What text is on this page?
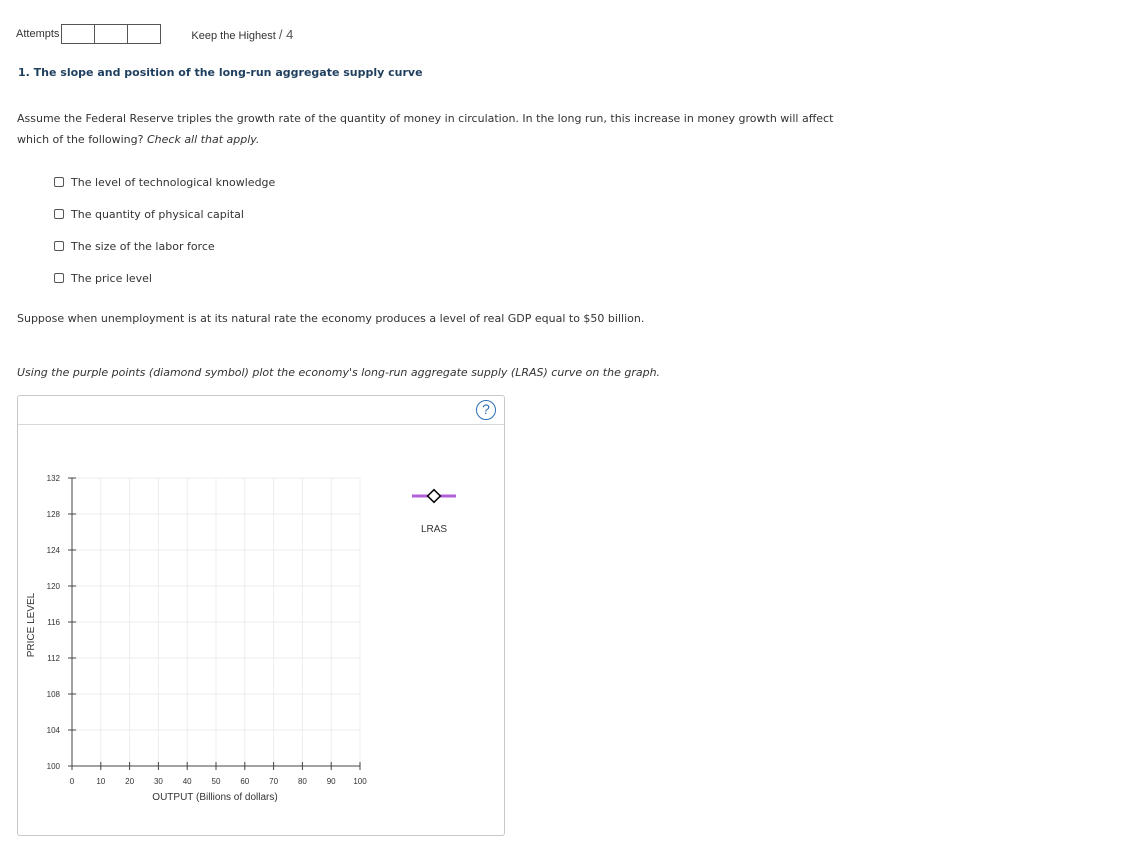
Attempts	Keep the Highest / 4
1. The slope and position of the long-run aggregate supply curve
Assume the Federal Reserve triples the growth rate of the quantity of money in circulation. In the long run, this increase in money growth will affect which of the following? Check all that apply.
The level of technological knowledge
The quantity of physical capital
The size of the labor force
The price level
Suppose when unemployment is at its natural rate the economy produces a level of real GDP equal to $50 billion.
Using the purple points (diamond symbol) plot the economy's long-run aggregate supply (LRAS) curve on the graph.
?
0	10 20 30 40 50 60 70 80 90 100
100
104
108
112
116
120
124
128
132
PRICE LEVEL
OUTPUT (Billions of dollars)
LRAS
